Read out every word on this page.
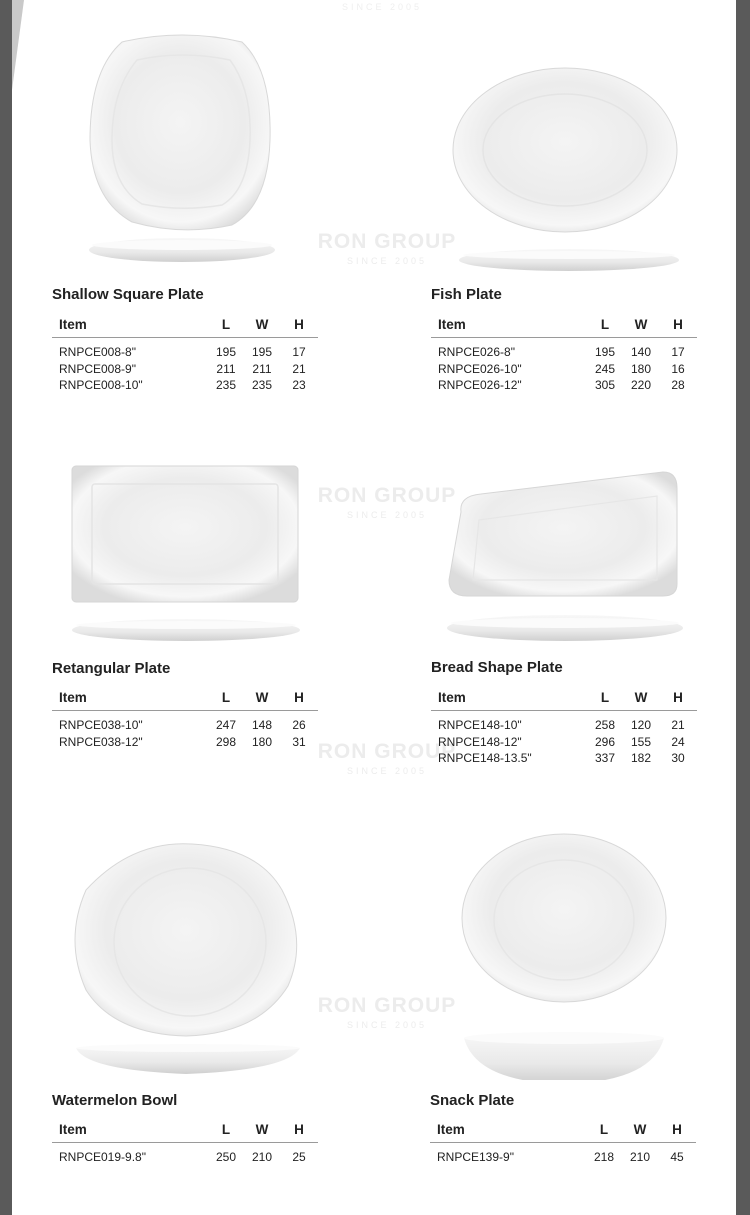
SINCE 2005
RON GROUP
SINCE 2005
RON GROUP
SINCE 2005
RON GROUP
SINCE 2005
RON GROUP
SINCE 2005
Shallow Square Plate
Item	L	W	H
RNPCE008-8"	195	195	17
RNPCE008-9"	211	211	21
RNPCE008-10"	235	235	23
Fish Plate
Item	L	W	H
RNPCE026-8"	195	140	17
RNPCE026-10"	245	180	16
RNPCE026-12"	305	220	28
Retangular Plate
Item	L	W	H
RNPCE038-10"	247	148	26
RNPCE038-12"	298	180	31
Bread Shape Plate
Item	L	W	H
RNPCE148-10"	258	120	21
RNPCE148-12"	296	155	24
RNPCE148-13.5"	337	182	30
Watermelon Bowl
Item	L	W	H
RNPCE019-9.8"	250	210	25
Snack Plate
Item	L	W	H
RNPCE139-9"	218	210	45
